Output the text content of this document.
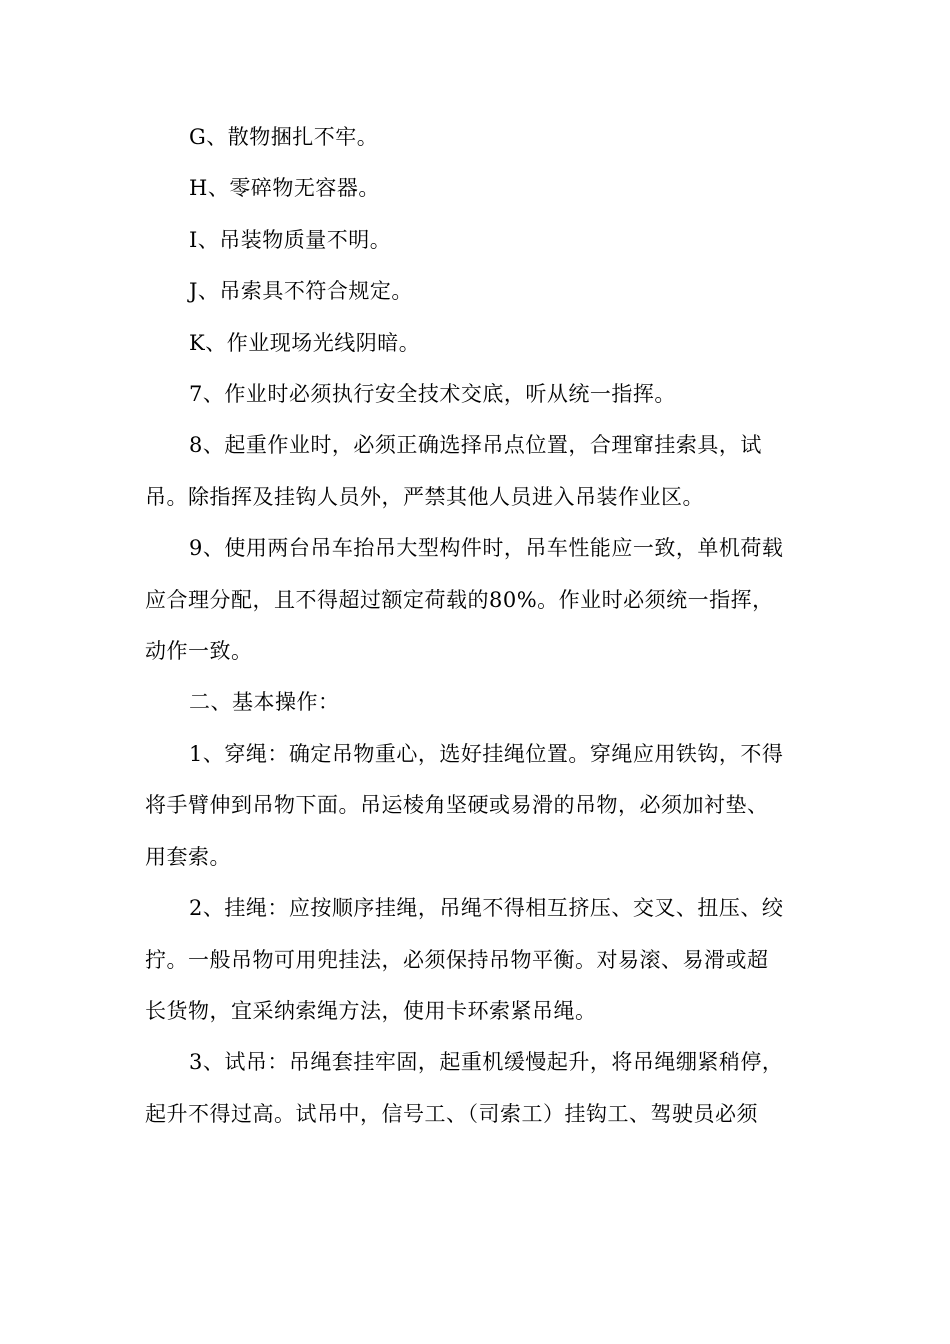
G、散物捆扎不牢。

H、零碎物无容器。

I、吊装物质量不明。

J、吊索具不符合规定。

K、作业现场光线阴暗。

7、作业时必须执行安全技术交底，听从统一指挥。

8、起重作业时，必须正确选择吊点位置，合理窜挂索具，试
吊。除指挥及挂钩人员外，严禁其他人员进入吊装作业区。

9、使用两台吊车抬吊大型构件时，吊车性能应一致，单机荷载
应合理分配，且不得超过额定荷载的80%。作业时必须统一指挥，
动作一致。

二、基本操作：

1、穿绳：确定吊物重心，选好挂绳位置。穿绳应用铁钩，不得
将手臂伸到吊物下面。吊运棱角坚硬或易滑的吊物，必须加衬垫、
用套索。

2、挂绳：应按顺序挂绳，吊绳不得相互挤压、交叉、扭压、绞
拧。一般吊物可用兜挂法，必须保持吊物平衡。对易滚、易滑或超
长货物，宜采纳索绳方法，使用卡环索紧吊绳。

3、试吊：吊绳套挂牢固，起重机缓慢起升，将吊绳绷紧稍停，
起升不得过高。试吊中，信号工、（司索工）挂钩工、驾驶员必须
